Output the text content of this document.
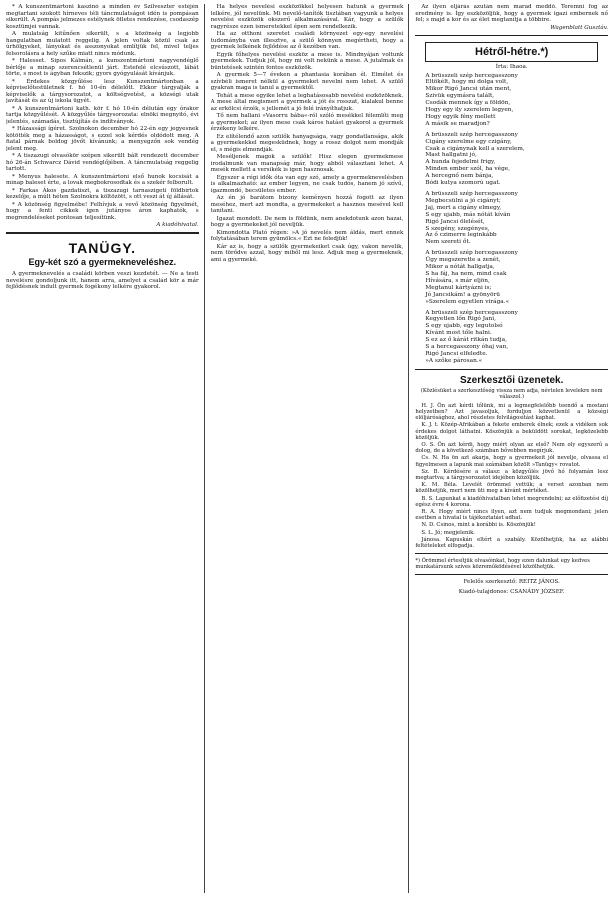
* A kunszentmártoni kaszinó a minden év Szilveszter estéjén megtartani szokott hírneves téli táncmulatságot idén is pompásan sikerült. A pompás jelmezes estélynek ötletes rendezése, csodaszép kosztümjei vannak.

A mulatság kitűnően sikerült, s a közönség a legjobb hangulatban mulatott reggelig. A jelen voltak közül csak az úrhölgyeket, lányokat és asszonyokat említjük fel, mivel teljes felsorolásra a hely szűke miatt nincs módunk.

* Halesset. Sipos Kálmán, a kunszentmártoni nagyvendéglő bérlője a minap szerencsétlenül járt. Estefelé elcsúszott, lábát törte, s most is ágyban fekszik; gyors gyógyulását kívánjuk.

* Érdekes közgyűlése lesz Kunszentmártonban a képviselőtestületnek f. hó 10-én délelőtt. Ekkor tárgyalják a képviselők a tárgysorozatot, a költségvetést, a községi utak javítását és az új iskola ügyét.

* A kunszentmártoni kath. kör f. hó 10-én délután egy órakor tartja közgyűlését. A közgyűlés tárgysorozata: elnöki megnyitó, évi jelentés, számadás, tisztújítás és indítványok.

* Házassági ígéret. Szolnokon december hó 22-én egy jegyesnek kötötték meg a házasságot, s ezzel sok kérdés oldódott meg. A fiatal párnak boldog jövőt kívánunk; a menyegzőn sok vendég jelent meg.

* A tiszazugi olvasókör szépen sikerült bált rendezett december hó 26-án Schwarcz Dávid vendéglőjében. A táncmulatság reggelig tartott.

* Menyus halesete. A kunszentmártoni első hunok kocsisát a minap baleset érte, a lovak megbokrosodtak és a szekér felborult.

* Farkas Ákos gazdatiszt, a tiszazugi tarnaszigeti földbirtok kezelője, a múlt héten Szolnokra költözött, s ott veszi át új állását.

* A közönség figyelmébe! Felhívjuk a vevő közönség figyelmét, hogy a fenti cikkek igen jutányos áron kaphatók, s megrendeléseket pontosan teljesítünk.

A kiadóhivatal.
TANÜGY.
Egy-két szó a gyermekneveléshez.

A gyermeknevelés a családi körben veszi kezdetét. — Ne a testi nevelésre gondoljunk itt, hanem arra, amelyet a család kör a már fejlődésnek indult gyermek fogékony lelkére gyakorol.

Ha helyes nevelési eszközökkel helyesen hatunk a gyermek lelkére, jól nevelünk. Mi nevelő-tanítók tisztában vagyunk a helyes nevelési eszközök okszerű alkalmazásával. Kár, hogy a szülők ragyrésze ezen ismeretekkel épen sem rendelkezik.

Ha az otthoni szeretet családi környezet egy-egy nevelési tudományba van illesztve, a szülő könnyen megértheti, hogy a gyermek lelkének fejlődése az ő kezében van.

Egyik főhelyes nevelési eszköz a mese is. Mindnyájan voltunk gyermekek. Tudjuk jól, hogy mi volt nekünk a mese. A jutalmak és büntetések szintén fontos eszközök.

A gyermek 5—7 éveken a phantasia korában él. Elmélet és szívbéli ismeret nélkül a gyermeket nevelni nem lehet. A szülő gyakran maga is tanul a gyermektől.

Tehát a mese egyike lehet a leghatásosabb nevelési eszközöknek. A mese által megismeri a gyermek a jót és rosszat, kialakul benne az erkölcsi érzék, s jellemét a jó felé irányíthatjuk.

Tő nem hallani »Vasorru bába«-ról szóló mesékkel félemlíti meg a gyermeket; az ilyen mese csak káros hatást gyakorol a gyermek érzékeny lelkére.

Ez elítélendő azon szülők hanyagsága, vagy gondatlansága, akik a gyermekekkel megesküdnek, hogy a rossz dolgot nem mondják el, s mégis elmondják.

Meséljenek magok a szülők! Hisz elegen gyermekmese irodalmunk van manapság már, hogy abból választani lehet. A mesék mellett a versikék is igen hasznosak.

Egyszer a régi idők óta van egy szó, amely a gyermeknevelésben is alkalmazható: az ember legyen, ne csak tudós, hanem jó szívű, igazmondó, becsületes ember.

Az én jó barátom bizony keményen hozzá fogott az ilyen meséhez, mert azt mondta, a gyermekeket a hasznos mesével kell tanítani.

Igazat mondott. De nem is földünk, nem anekdotunk azon hazai, hogy a gyermekeket jól neveljük.

Kimondotta Plató régen: »A jó nevelés nem áldás, mert ennek folytatásában terem gyümölcs.« Ezt ne feledjük!

Kár az is, hogy a szülők gyermekeiket csak úgy, vakon nevelik, nem törődve azzal, hogy miből mi lesz. Adjuk meg a gyermeknek, ami a gyermeké.

Az ilyen eljárás azután nem marad meddő. Teremni fog az eredmény is. Így eszközöljük, hogy a gyermek igazi embernek nő fel; s majd a kor és az élet megtanítja a többire.

Wagenblatt Gusztáv.
Hétről-hétre.*)
Írta: Ihaoa.
A brüsszeli szép hercegasszony
Eltökélt, hogy mi dolga volt,
Mikor Rigó Jancsi után ment,
Szivük egymásra talált,
Csodák mennek így a földön,
Hogy egy ily szerelem legyen,
Hogy egyik fény mellett
A másik se maradjon?
A brüsszeli szép hercegasszony
Cigány szerelme egy czigány,
Csak a cigánynak kell a szerelem,
Mast hallgatni jó,
A hunda fejedelmi frigy,
Minden ember szól, ha vége,
A hercegnő nem bánja,
Bódi kutya szomorú ugat.
A brüsszeli szép hercegasszony
Megbecsülni a jó cigányt;
Jaj, mert a cigány elmegy,
S egy ujabb, más nótát kíván
Rigó Jancsi ölelését,
S szegény, szegényes,
Az ő czimerre leginkább
Nem szereti őt.
A brüsszeli szép hercegasszony
Ügy megszerette a zenét,
Mikor a nótát hallgatja,
S ha fáj, ha nem, mind csak
Hívására, s már eljön,
Megtanul kártyázni is;
Jó Jancsikám! a gyönyörü
»Szerelem egyetlen virága.«
A brüsszeli szép hercegasszony
Kegyetlen lőn Rigó Jani,
S egy ujabb, egy legutolsó
Kívánt most tőle halni.
S ez az ő kárát ritkán tudja,
S a hercegasszony óhaj van,
Rigó Jancsi elfeledte.
»A szőke párosan.«
Szerkesztői üzenetek.
(Közlésüket a szerkesztőség vissza nem adja, névtelen levelekre nem válaszol.)

H. J. Ön azt kérdi tőlünk, mi a legmegfelelőbb teendő a mostani helyzetben? Azt javasoljuk, forduljon közvetlenül a községi elöljárósághoz, ahol részletes felvilágosítást kaphat.

K. J. t. Közép-Afrikában a fekete emberek élnek; ezek a vidéken sok érdekes dolgot láthatni. Köszönjük a beküldött sorokat, legközelebb közöljük.

O. S. Ön azt kérdi, hogy miért olyan az első? Nem oly egyszerű a dolog, de a következő számban bővebben megírjuk.

Cs. N. Ha ön azt akarja, hogy a gyermekeit jól nevelje, olvassa el figyelmesen a lapunk mai számában közölt »Tanügy« rovatot.

Sz. B. Kérdésére a válasz: a közgyűlés jövő hó folyamán lesz megtartva; a tárgysorozatot idejében közöljük.

K. M. Béla. Levelét örömmel vettük; a verset azonban nem közölhetjük, mert nem üti meg a kívánt mértéket.

B. S. Lapunkat a kiadóhivatalban lehet megrendelni; az előfizetési díj egész évre 4 korona.

R. A. Hogy miért nincs ilyen, azt nem tudjuk megmondani; jelen esetben a hivatal is tájékoztatást adhat.

N. D. Csinos, mint a korábbi is. Köszönjük!

S. L. Jó; megjelenik.

Jánosa. Kapuskán eltért a szabály. Közölhetjük, ha az alábbi feltételeket elfogadja.

*) Örömmel értesítjük olvasóinkat, hogy ezen dalunkat egy kedves munkatársunk szíves közreműködésével közölhetjük.

Felelős szerkesztő: REITZ JÁNOS.
Kiadó-tulajdonos: CSANÁDY JÓZSEF.
